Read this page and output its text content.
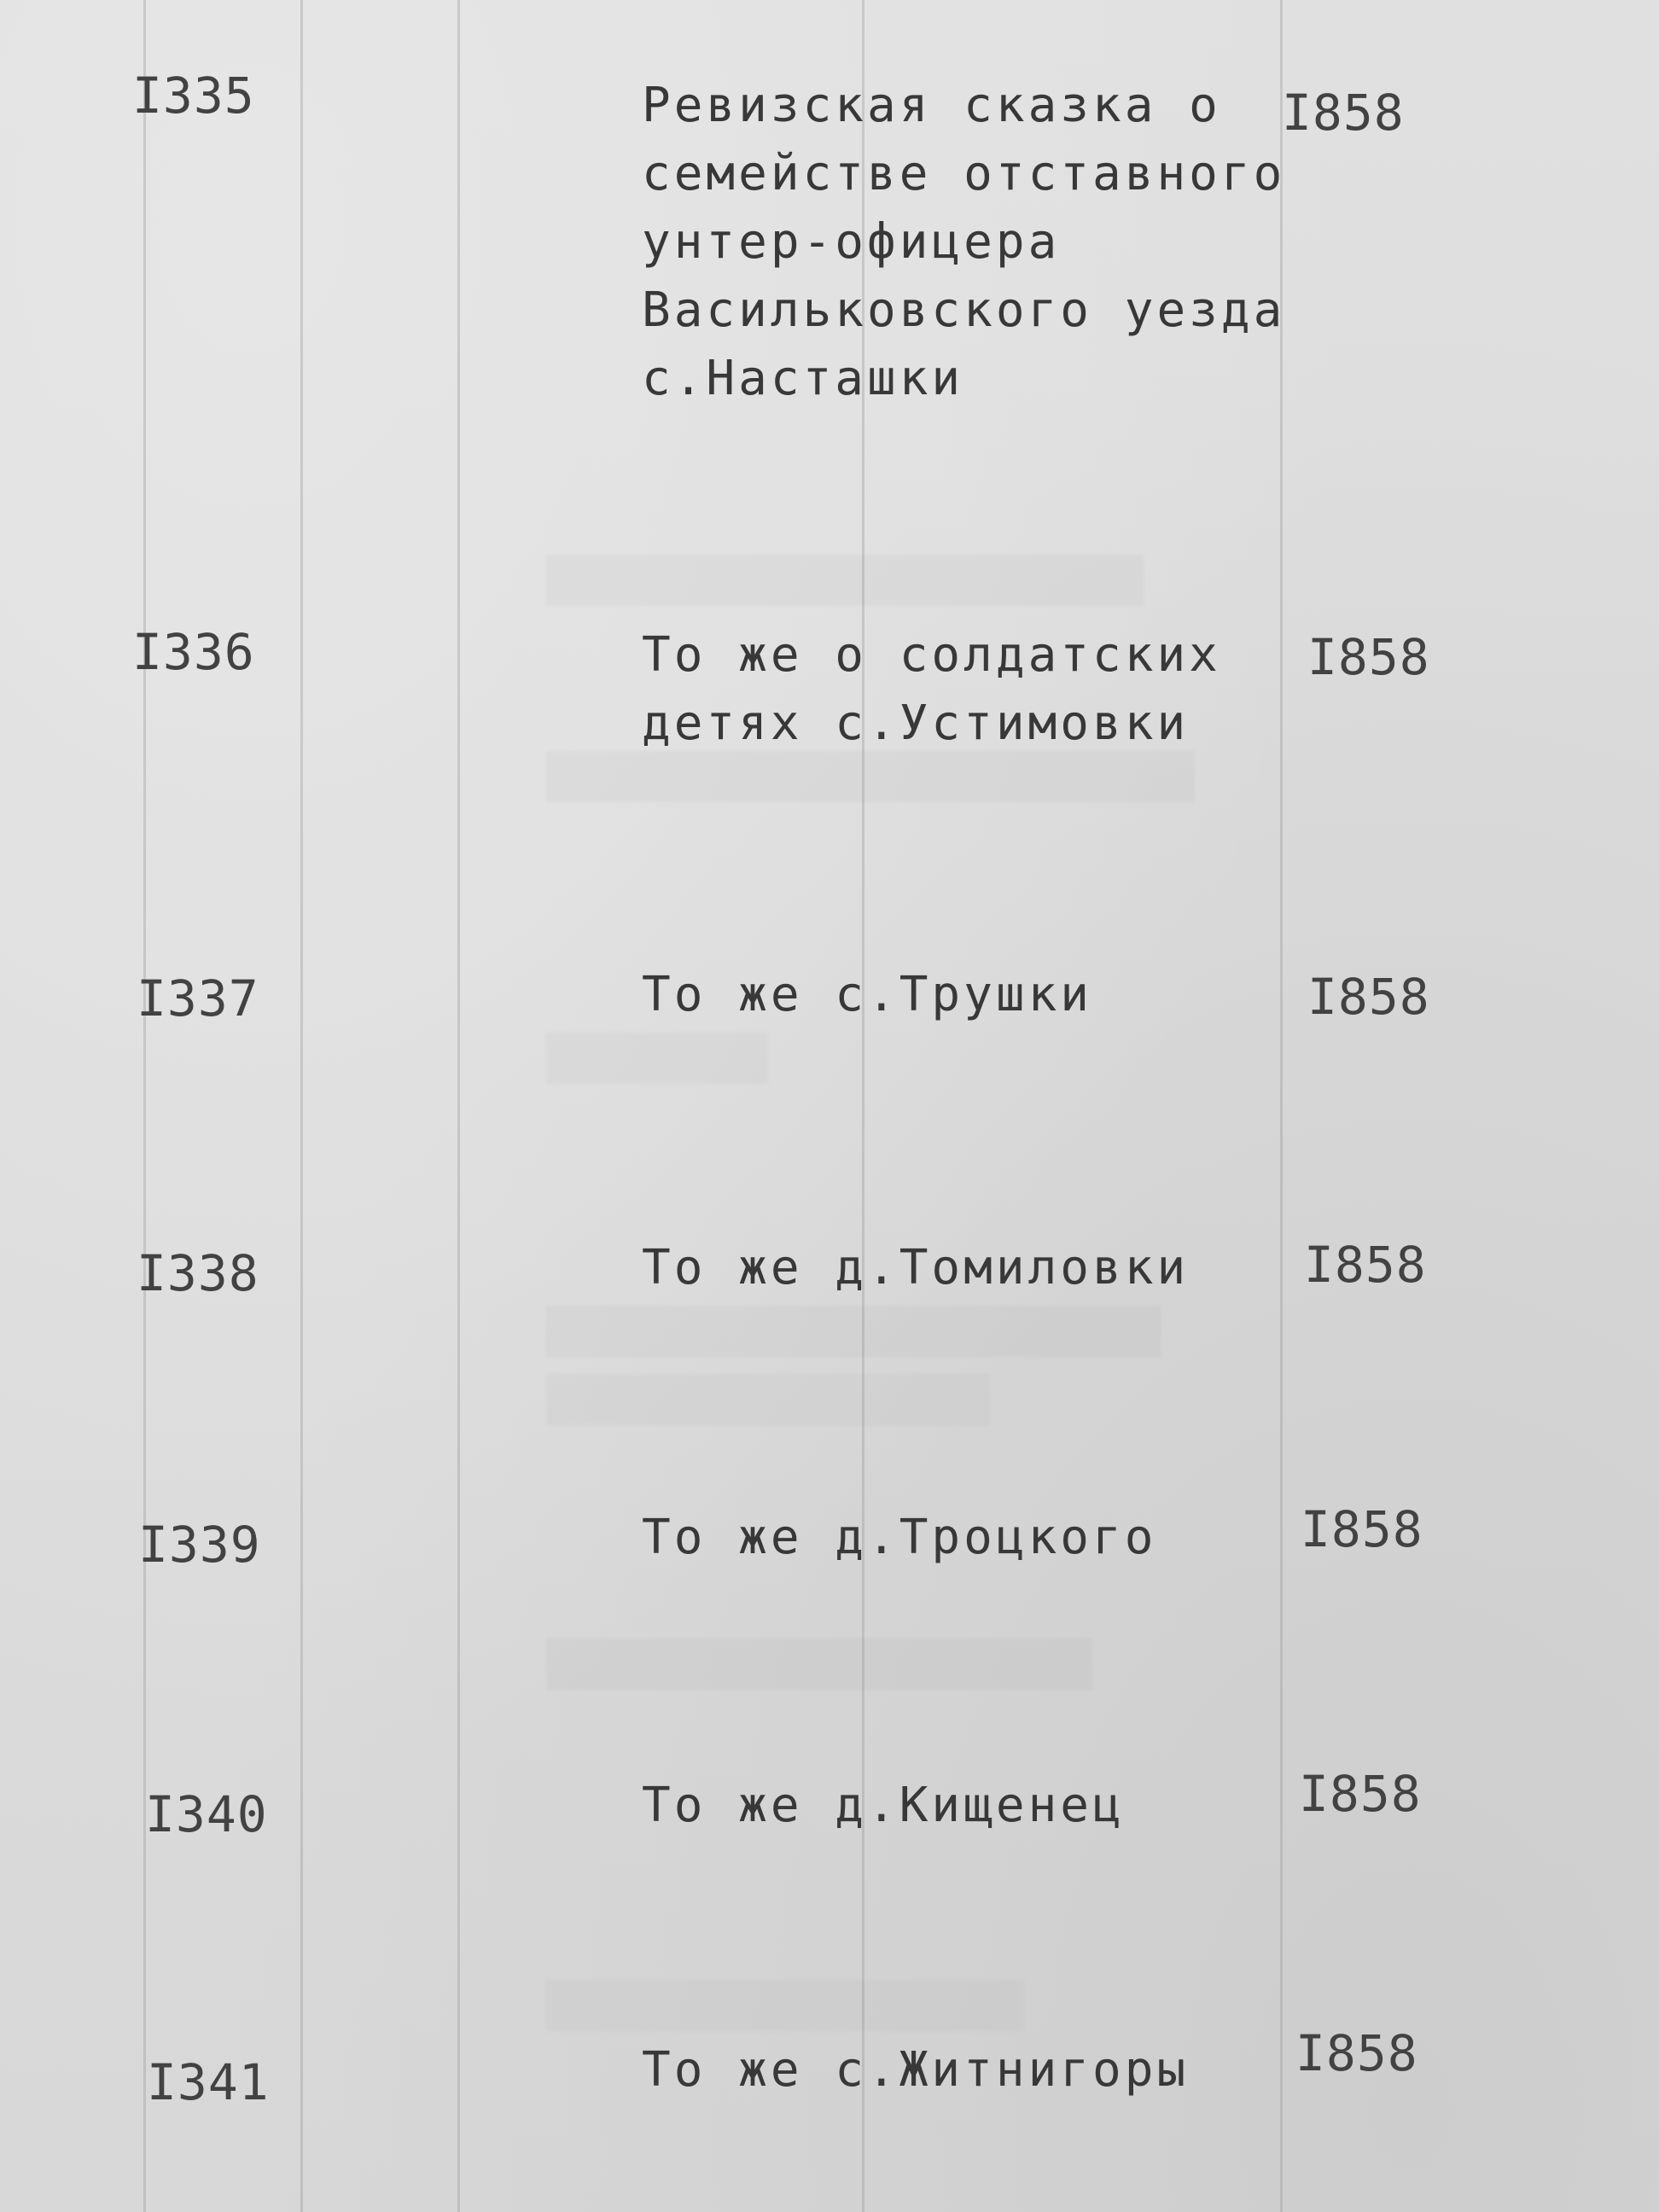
I335	Ревизская сказка о
семействе отставного
унтер-офицера
Васильковского уезда
с.Насташки
I858
I336	То же о солдатских
детях с.Устимовки
I858
I337	То же с.Трушки	I858
I338	То же д.Томиловки	I858
I339	То же д.Троцкого	I858
I340	То же д.Кищенец	I858
I341	То же с.Житнигоры	I858
